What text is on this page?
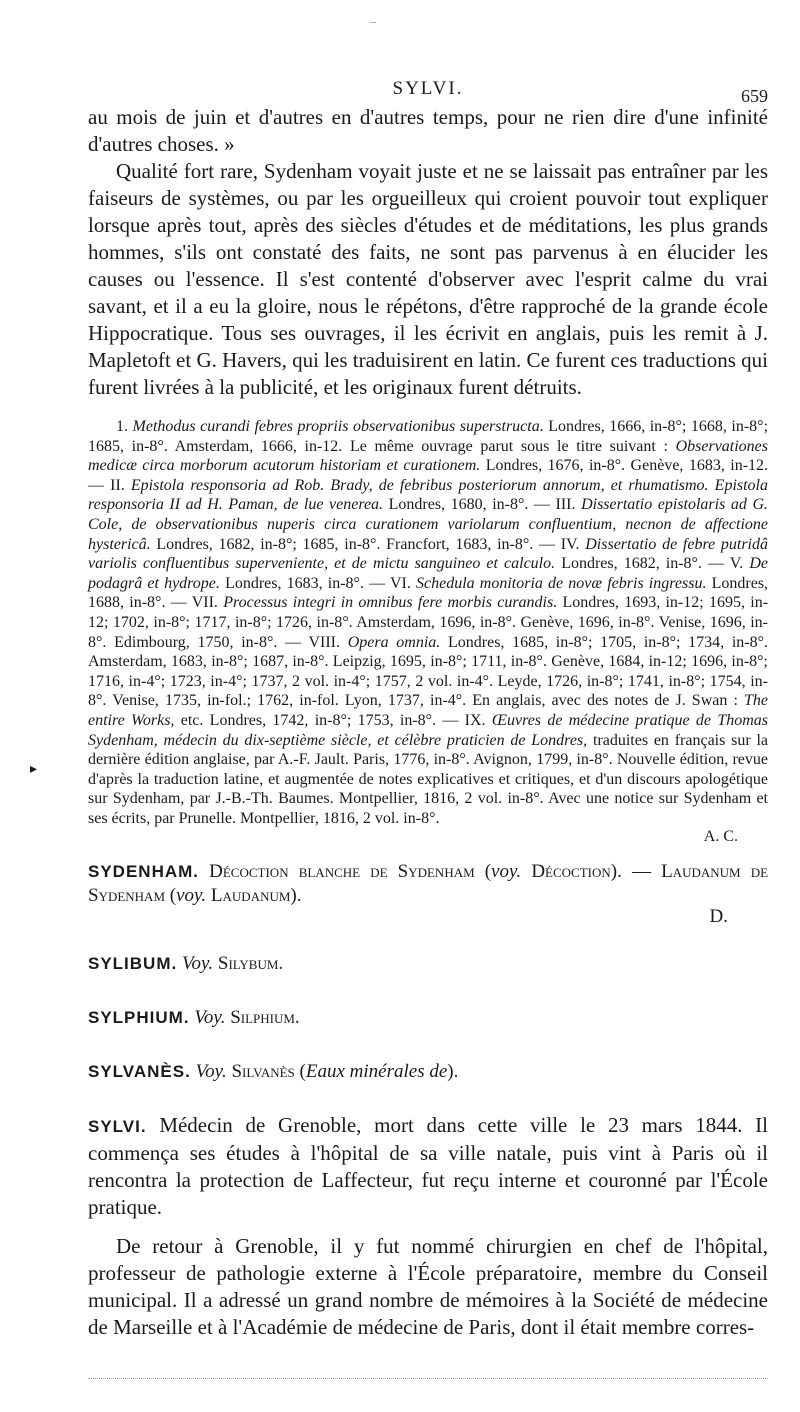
–
SYLVI.	659

au mois de juin et d'autres en d'autres temps, pour ne rien dire d'une infinité d'autres choses. »

Qualité fort rare, Sydenham voyait juste et ne se laissait pas entraîner par les faiseurs de systèmes, ou par les orgueilleux qui croient pouvoir tout expliquer lorsque après tout, après des siècles d'études et de méditations, les plus grands hommes, s'ils ont constaté des faits, ne sont pas parvenus à en élucider les causes ou l'essence. Il s'est contenté d'observer avec l'esprit calme du vrai savant, et il a eu la gloire, nous le répétons, d'être rapproché de la grande école Hippocratique. Tous ses ouvrages, il les écrivit en anglais, puis les remit à J. Mapletoft et G. Havers, qui les traduisirent en latin. Ce furent ces traductions qui furent livrées à la publicité, et les originaux furent détruits.

1. Methodus curandi febres propriis observationibus superstructa. Londres, 1666, in-8°; 1668, in-8°; 1685, in-8°. Amsterdam, 1666, in-12. Le même ouvrage parut sous le titre suivant : Observationes medicæ circa morborum acutorum historiam et curationem. Londres, 1676, in-8°. Genève, 1683, in-12. — II. Epistola responsoria ad Rob. Brady, de febribus posteriorum annorum, et rhumatismo. Epistola responsoria II ad H. Paman, de lue venerea. Londres, 1680, in-8°. — III. Dissertatio epistolaris ad G. Cole, de observationibus nuperis circa curationem variolarum confluentium, necnon de affectione hystericâ. Londres, 1682, in-8°; 1685, in-8°. Francfort, 1683, in-8°. — IV. Dissertatio de febre putridâ variolis confluentibus superveniente, et de mictu sanguineo et calculo. Londres, 1682, in-8°. — V. De podagrâ et hydrope. Londres, 1683, in-8°. — VI. Schedula monitoria de novæ febris ingressu. Londres, 1688, in-8°. — VII. Processus integri in omnibus fere morbis curandis. Londres, 1693, in-12; 1695, in-12; 1702, in-8°; 1717, in-8°; 1726, in-8°. Amsterdam, 1696, in-8°. Genève, 1696, in-8°. Venise, 1696, in-8°. Edimbourg, 1750, in-8°. — VIII. Opera omnia. Londres, 1685, in-8°; 1705, in-8°; 1734, in-8°. Amsterdam, 1683, in-8°; 1687, in-8°. Leipzig, 1695, in-8°; 1711, in-8°. Genève, 1684, in-12; 1696, in-8°; 1716, in-4°; 1723, in-4°; 1737, 2 vol. in-4°; 1757, 2 vol. in-4°. Leyde, 1726, in-8°; 1741, in-8°; 1754, in-8°. Venise, 1735, in-fol.; 1762, in-fol. Lyon, 1737, in-4°. En anglais, avec des notes de J. Swan : The entire Works, etc. Londres, 1742, in-8°; 1753, in-8°. — IX. Œuvres de médecine pratique de Thomas Sydenham, médecin du dix-septième siècle, et célèbre praticien de Londres, traduites en français sur la dernière édition anglaise, par A.-F. Jault. Paris, 1776, in-8°. Avignon, 1799, in-8°. Nouvelle édition, revue d'après la traduction latine, et augmentée de notes explicatives et critiques, et d'un discours apologétique sur Sydenham, par J.-B.-Th. Baumes. Montpellier, 1816, 2 vol. in-8°. Avec une notice sur Sydenham et ses écrits, par Prunelle. Montpellier, 1816, 2 vol. in-8°.
A. C.

SYDENHAM. Décoction blanche de Sydenham (voy. Décoction). — Laudanum de Sydenham (voy. Laudanum).

D.

SYLIBUM. Voy. Silybum.

SYLPHIUM. Voy. Silphium.

SYLVANÈS. Voy. Silvanès (Eaux minérales de).

SYLVI. Médecin de Grenoble, mort dans cette ville le 23 mars 1844. Il commença ses études à l'hôpital de sa ville natale, puis vint à Paris où il rencontra la protection de Laffecteur, fut reçu interne et couronné par l'École pratique.

De retour à Grenoble, il y fut nommé chirurgien en chef de l'hôpital, professeur de pathologie externe à l'École préparatoire, membre du Conseil municipal. Il a adressé un grand nombre de mémoires à la Société de médecine de Marseille et à l'Académie de médecine de Paris, dont il était membre corres-

▸
